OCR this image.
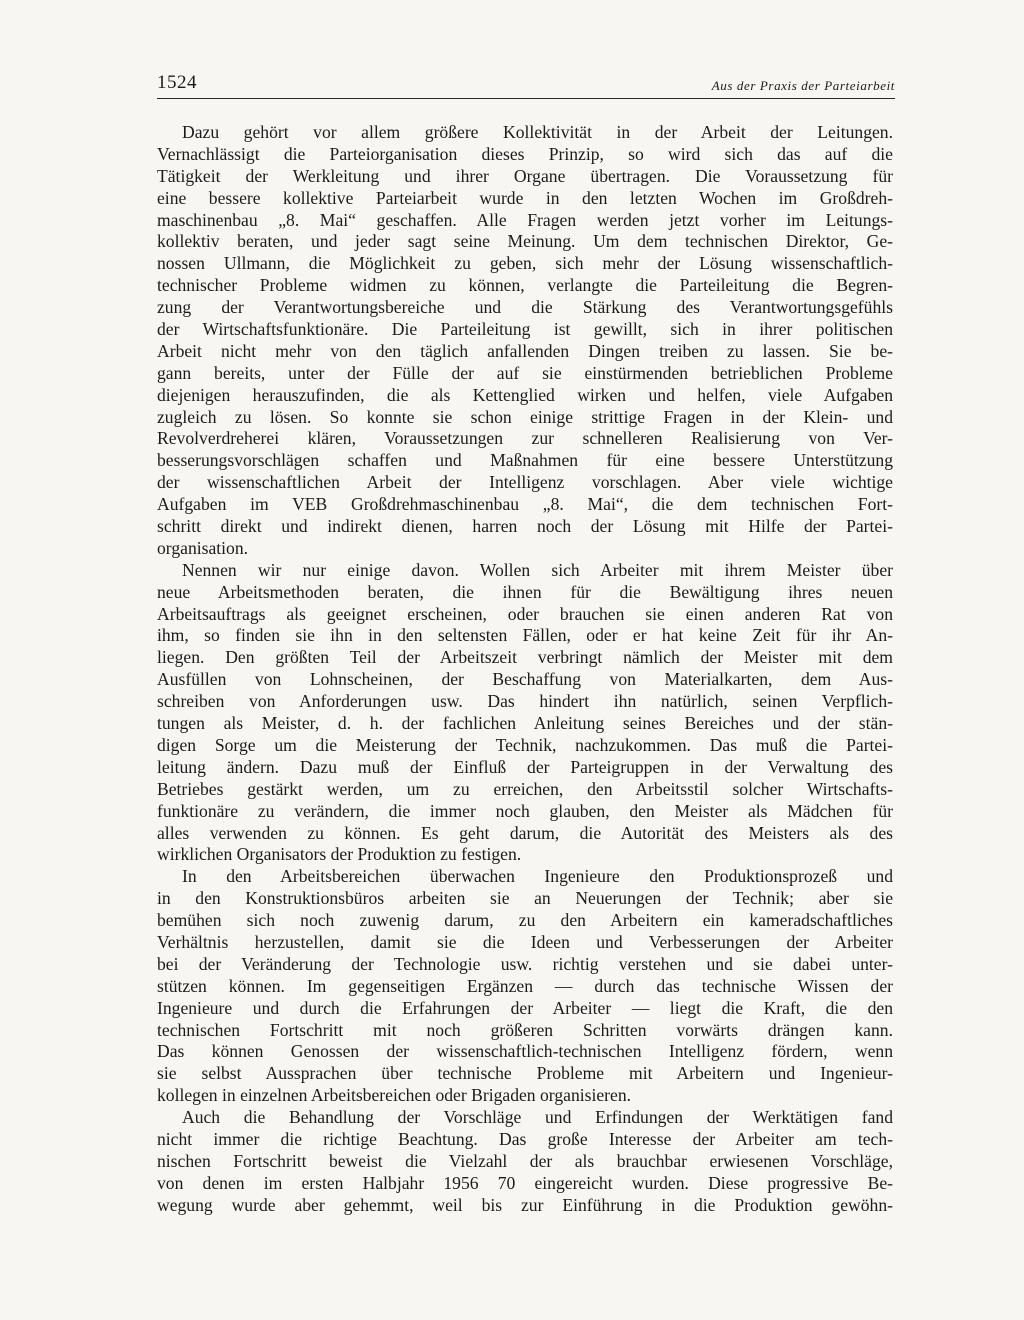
1524	Aus der Praxis der Parteiarbeit
Dazu gehört vor allem größere Kollektivität in der Arbeit der Leitungen.
Vernachlässigt die Parteiorganisation dieses Prinzip, so wird sich das auf die
Tätigkeit der Werkleitung und ihrer Organe übertragen. Die Voraussetzung für
eine bessere kollektive Parteiarbeit wurde in den letzten Wochen im Großdreh-
maschinenbau „8. Mai“ geschaffen. Alle Fragen werden jetzt vorher im Leitungs-
kollektiv beraten, und jeder sagt seine Meinung. Um dem technischen Direktor, Ge-
nossen Ullmann, die Möglichkeit zu geben, sich mehr der Lösung wissenschaftlich-
technischer Probleme widmen zu können, verlangte die Parteileitung die Begren-
zung der Verantwortungsbereiche und die Stärkung des Verantwortungsgefühls
der Wirtschaftsfunktionäre. Die Parteileitung ist gewillt, sich in ihrer politischen
Arbeit nicht mehr von den täglich anfallenden Dingen treiben zu lassen. Sie be-
gann bereits, unter der Fülle der auf sie einstürmenden betrieblichen Probleme
diejenigen herauszufinden, die als Kettenglied wirken und helfen, viele Aufgaben
zugleich zu lösen. So konnte sie schon einige strittige Fragen in der Klein- und
Revolverdreherei klären, Voraussetzungen zur schnelleren Realisierung von Ver-
besserungsvorschlägen schaffen und Maßnahmen für eine bessere Unterstützung
der wissenschaftlichen Arbeit der Intelligenz vorschlagen. Aber viele wichtige
Aufgaben im VEB Großdrehmaschinenbau „8. Mai“, die dem technischen Fort-
schritt direkt und indirekt dienen, harren noch der Lösung mit Hilfe der Partei-
organisation.
Nennen wir nur einige davon. Wollen sich Arbeiter mit ihrem Meister über
neue Arbeitsmethoden beraten, die ihnen für die Bewältigung ihres neuen
Arbeitsauftrags als geeignet erscheinen, oder brauchen sie einen anderen Rat von
ihm, so finden sie ihn in den seltensten Fällen, oder er hat keine Zeit für ihr An-
liegen. Den größten Teil der Arbeitszeit verbringt nämlich der Meister mit dem
Ausfüllen von Lohnscheinen, der Beschaffung von Materialkarten, dem Aus-
schreiben von Anforderungen usw. Das hindert ihn natürlich, seinen Verpflich-
tungen als Meister, d. h. der fachlichen Anleitung seines Bereiches und der stän-
digen Sorge um die Meisterung der Technik, nachzukommen. Das muß die Partei-
leitung ändern. Dazu muß der Einfluß der Parteigruppen in der Verwaltung des
Betriebes gestärkt werden, um zu erreichen, den Arbeitsstil solcher Wirtschafts-
funktionäre zu verändern, die immer noch glauben, den Meister als Mädchen für
alles verwenden zu können. Es geht darum, die Autorität des Meisters als des
wirklichen Organisators der Produktion zu festigen.
In den Arbeitsbereichen überwachen Ingenieure den Produktionsprozeß und
in den Konstruktionsbüros arbeiten sie an Neuerungen der Technik; aber sie
bemühen sich noch zuwenig darum, zu den Arbeitern ein kameradschaftliches
Verhältnis herzustellen, damit sie die Ideen und Verbesserungen der Arbeiter
bei der Veränderung der Technologie usw. richtig verstehen und sie dabei unter-
stützen können. Im gegenseitigen Ergänzen — durch das technische Wissen der
Ingenieure und durch die Erfahrungen der Arbeiter — liegt die Kraft, die den
technischen Fortschritt mit noch größeren Schritten vorwärts drängen kann.
Das können Genossen der wissenschaftlich-technischen Intelligenz fördern, wenn
sie selbst Aussprachen über technische Probleme mit Arbeitern und Ingenieur-
kollegen in einzelnen Arbeitsbereichen oder Brigaden organisieren.
Auch die Behandlung der Vorschläge und Erfindungen der Werktätigen fand
nicht immer die richtige Beachtung. Das große Interesse der Arbeiter am tech-
nischen Fortschritt beweist die Vielzahl der als brauchbar erwiesenen Vorschläge,
von denen im ersten Halbjahr 1956 70 eingereicht wurden. Diese progressive Be-
wegung wurde aber gehemmt, weil bis zur Einführung in die Produktion gewöhn-
